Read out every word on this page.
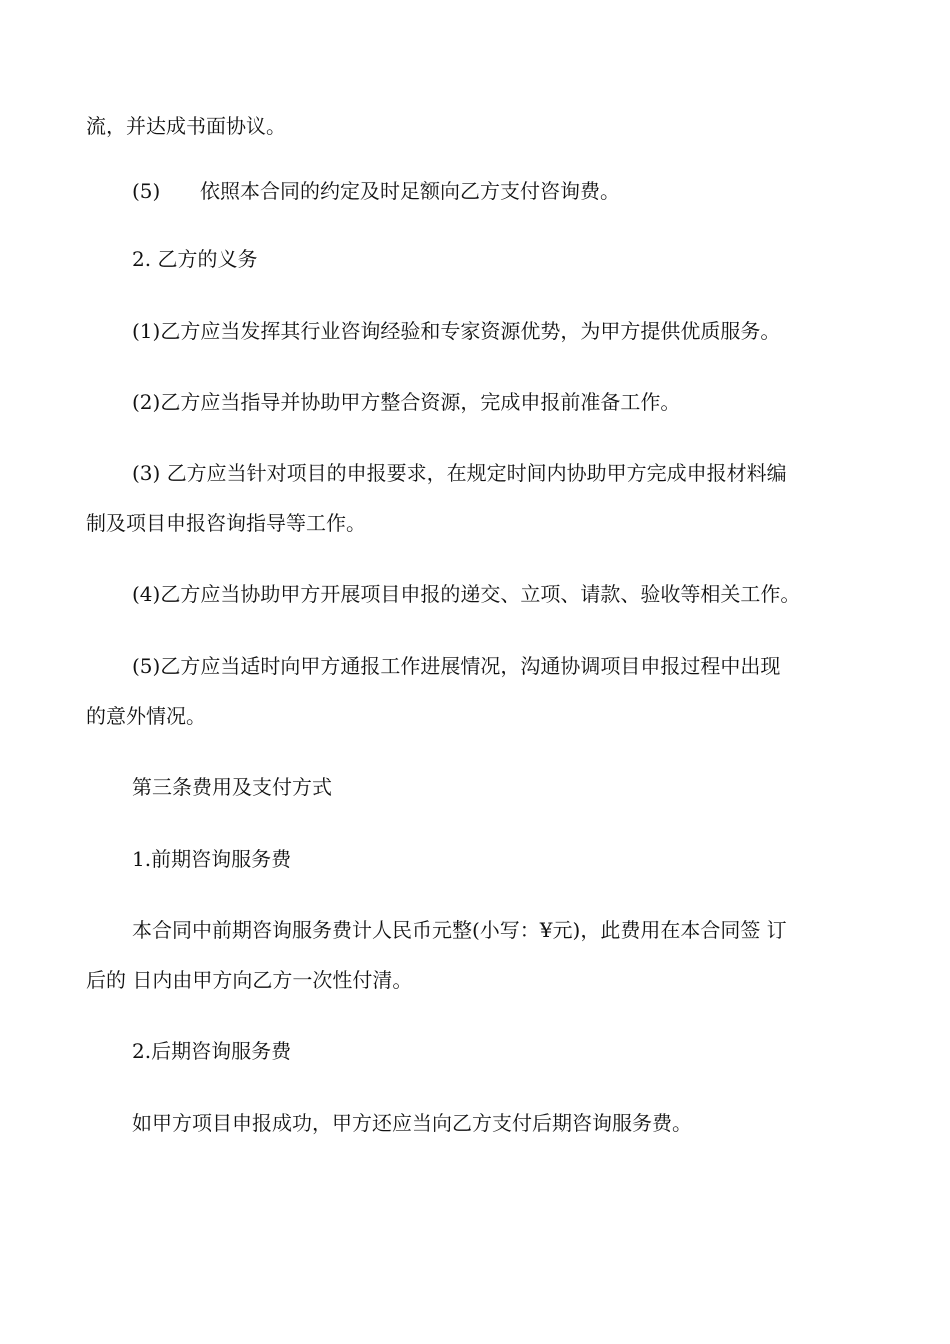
流，并达成书面协议。
(5) 依照本合同的约定及时足额向乙方支付咨询费。
2. 乙方的义务
(1)乙方应当发挥其行业咨询经验和专家资源优势，为甲方提供优质服务。
(2)乙方应当指导并协助甲方整合资源，完成申报前准备工作。
(3) 乙方应当针对项目的申报要求，在规定时间内协助甲方完成申报材料编
制及项目申报咨询指导等工作。
(4)乙方应当协助甲方开展项目申报的递交、立项、请款、验收等相关工作。
(5)乙方应当适时向甲方通报工作进展情况，沟通协调项目申报过程中出现
的意外情况。
第三条费用及支付方式
1.前期咨询服务费
本合同中前期咨询服务费计人民币元整(小写：¥元)，此费用在本合同签 订
后的 日内由甲方向乙方一次性付清。
2.后期咨询服务费
如甲方项目申报成功，甲方还应当向乙方支付后期咨询服务费。
